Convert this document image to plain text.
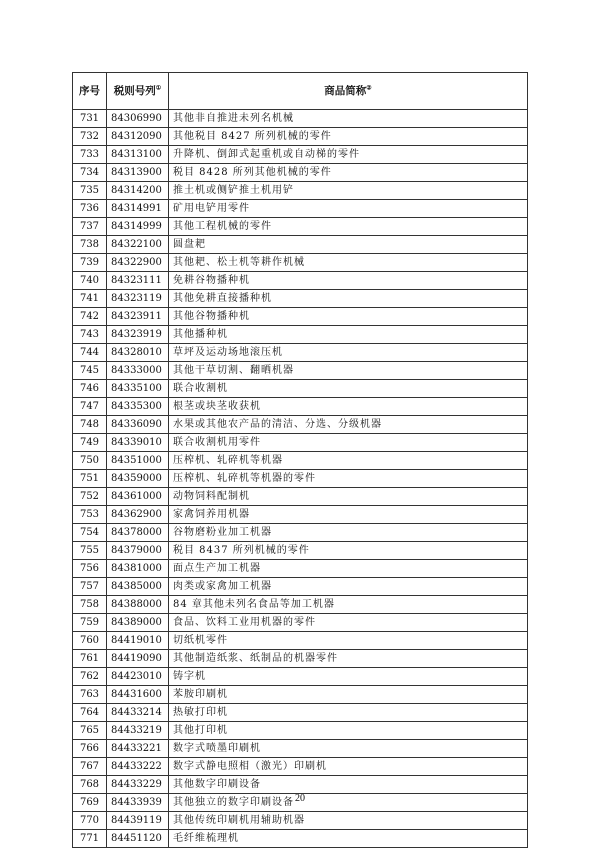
序号	税则号列①	商品简称②
731	84306990	其他非自推进未列名机械
732	84312090	其他税目 8427 所列机械的零件
733	84313100	升降机、倒卸式起重机或自动梯的零件
734	84313900	税目 8428 所列其他机械的零件
735	84314200	推土机或侧铲推土机用铲
736	84314991	矿用电铲用零件
737	84314999	其他工程机械的零件
738	84322100	圆盘耙
739	84322900	其他耙、松土机等耕作机械
740	84323111	免耕谷物播种机
741	84323119	其他免耕直接播种机
742	84323911	其他谷物播种机
743	84323919	其他播种机
744	84328010	草坪及运动场地滚压机
745	84333000	其他干草切割、翻晒机器
746	84335100	联合收割机
747	84335300	根茎或块茎收获机
748	84336090	水果或其他农产品的清洁、分选、分级机器
749	84339010	联合收割机用零件
750	84351000	压榨机、轧碎机等机器
751	84359000	压榨机、轧碎机等机器的零件
752	84361000	动物饲料配制机
753	84362900	家禽饲养用机器
754	84378000	谷物磨粉业加工机器
755	84379000	税目 8437 所列机械的零件
756	84381000	面点生产加工机器
757	84385000	肉类或家禽加工机器
758	84388000	84 章其他未列名食品等加工机器
759	84389000	食品、饮料工业用机器的零件
760	84419010	切纸机零件
761	84419090	其他制造纸浆、纸制品的机器零件
762	84423010	铸字机
763	84431600	苯胺印刷机
764	84433214	热敏打印机
765	84433219	其他打印机
766	84433221	数字式喷墨印刷机
767	84433222	数字式静电照相（激光）印刷机
768	84433229	其他数字印刷设备
769	84433939	其他独立的数字印刷设备
770	84439119	其他传统印刷机用辅助机器
771	84451120	毛纤维梳理机
20
